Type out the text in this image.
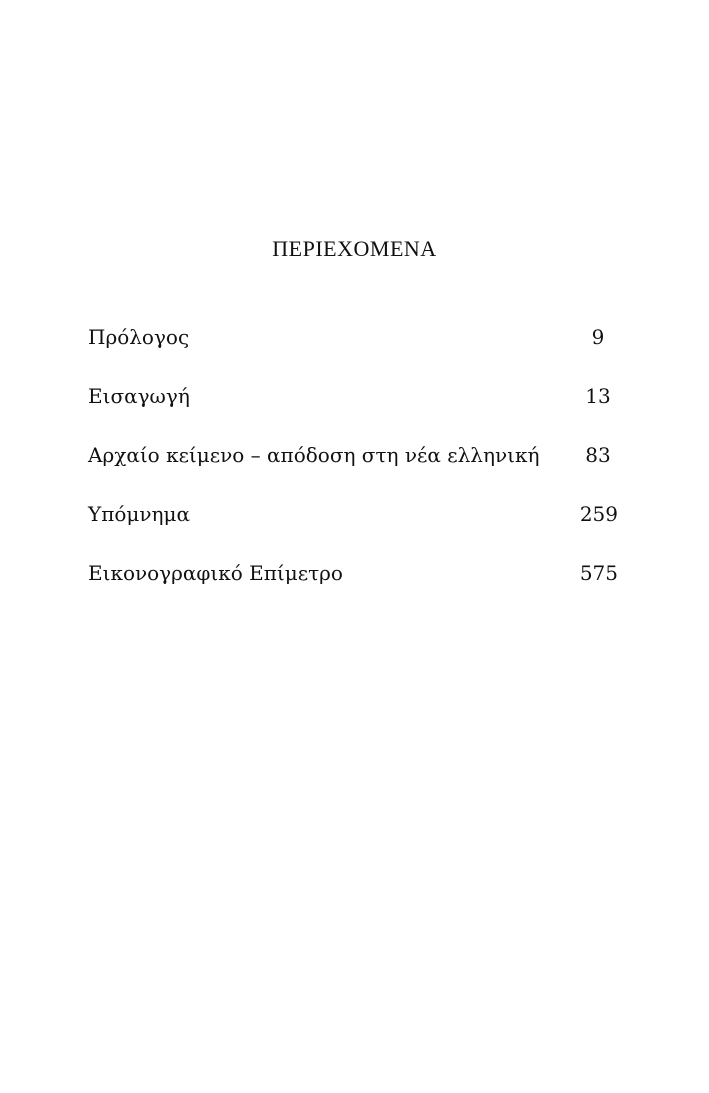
ΠΕΡΙΕΧΟΜΕΝΑ
Πρόλογος	9
Εισαγωγή	13
Αρχαίο κείμενο – απόδοση στη νέα ελληνική	83
Υπόμνημα	259
Εικονογραφικό Επίμετρο	575
